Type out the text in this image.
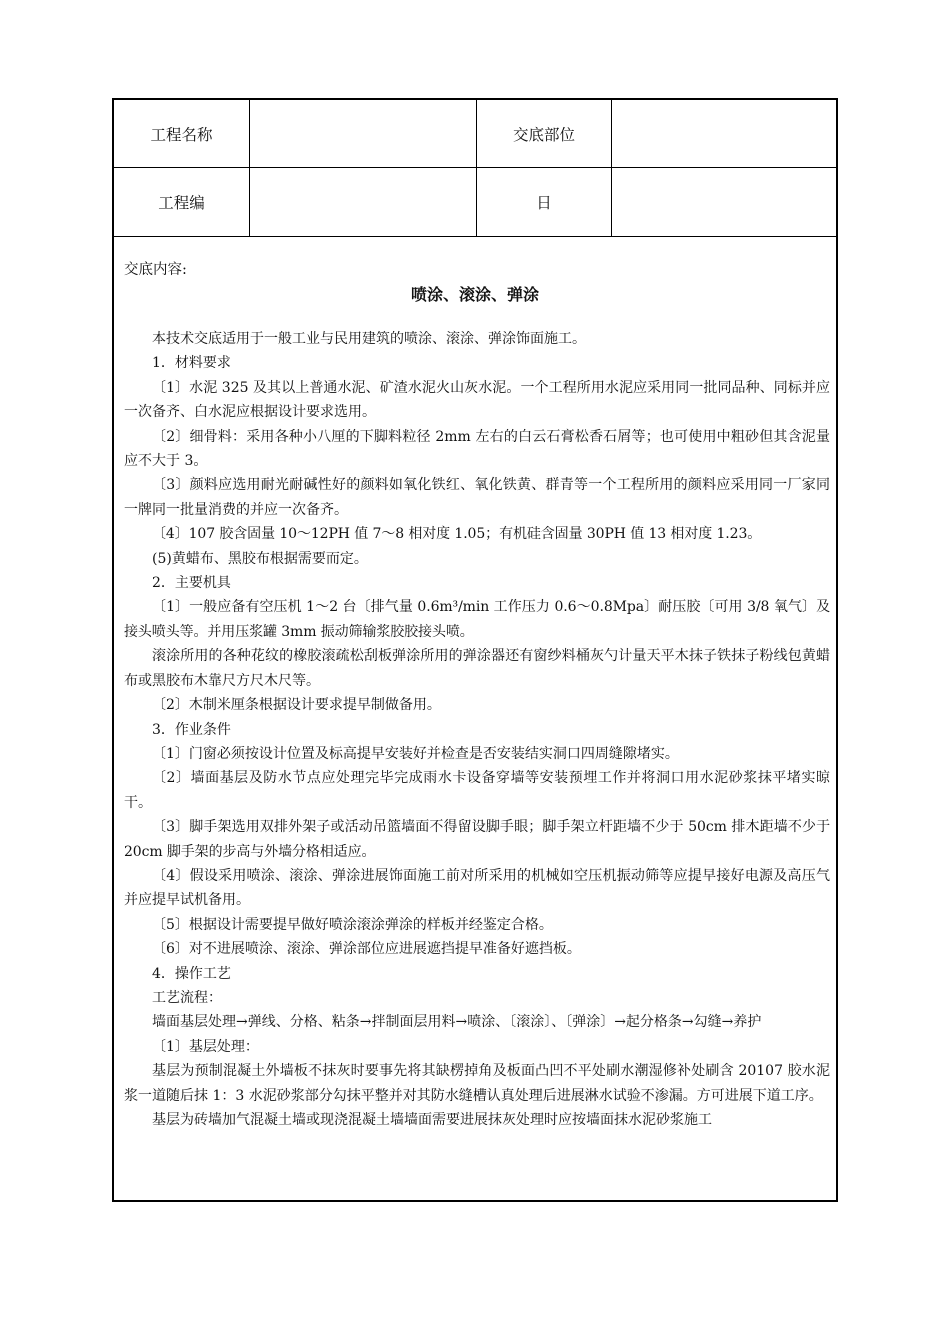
工程名称	交底部位
工程编	日
交底内容:
喷涂、滚涂、弹涂

本技术交底适用于一般工业与民用建筑的喷涂、滚涂、弹涂饰面施工。

1．材料要求

〔1〕水泥 325 及其以上普通水泥、矿渣水泥火山灰水泥。一个工程所用水泥应采用同一批同品种、同标并应一次备齐、白水泥应根据设计要求选用。

〔2〕细骨料：采用各种小八厘的下脚料粒径 2mm 左右的白云石膏松香石屑等；也可使用中粗砂但其含泥量应不大于 3。

〔3〕颜料应选用耐光耐碱性好的颜料如氧化铁红、氧化铁黄、群青等一个工程所用的颜料应采用同一厂家同一牌同一批量消费的并应一次备齐。

〔4〕107 胶含固量 10～12PH 值 7～8 相对度 1.05；有机硅含固量 30PH 值 13 相对度 1.23。

(5)黄蜡布、黑胶布根据需要而定。

2．主要机具

〔1〕一般应备有空压机 1～2 台〔排气量 0.6m³/min 工作压力 0.6～0.8Mpa〕耐压胶〔可用 3/8 氧气〕及接头喷头等。并用压浆罐 3mm 振动筛输浆胶胶接头喷。

滚涂所用的各种花纹的橡胶滚疏松刮板弹涂所用的弹涂器还有窗纱料桶灰勺计量天平木抹子铁抹子粉线包黄蜡布或黑胶布木靠尺方尺木尺等。

〔2〕木制米厘条根据设计要求提早制做备用。

3．作业条件

〔1〕门窗必须按设计位置及标高提早安装好并检查是否安装结实洞口四周缝隙堵实。

〔2〕墙面基层及防水节点应处理完毕完成雨水卡设备穿墙等安装预埋工作并将洞口用水泥砂浆抹平堵实晾干。

〔3〕脚手架选用双排外架子或活动吊篮墙面不得留设脚手眼；脚手架立杆距墙不少于 50cm 排木距墙不少于 20cm 脚手架的步高与外墙分格相适应。

〔4〕假设采用喷涂、滚涂、弹涂进展饰面施工前对所采用的机械如空压机振动筛等应提早接好电源及高压气并应提早试机备用。

〔5〕根据设计需要提早做好喷涂滚涂弹涂的样板并经鉴定合格。

〔6〕对不进展喷涂、滚涂、弹涂部位应进展遮挡提早准备好遮挡板。

4．操作工艺

工艺流程：

墙面基层处理→弹线、分格、粘条→拌制面层用料→喷涂、〔滚涂〕、〔弹涂〕→起分格条→勾缝→养护

〔1〕基层处理：

基层为预制混凝土外墙板不抹灰时要事先将其缺楞掉角及板面凸凹不平处刷水潮湿修补处刷含 20107 胶水泥浆一道随后抹 1：3 水泥砂浆部分勾抹平整并对其防水缝槽认真处理后进展淋水试验不渗漏。方可进展下道工序。

基层为砖墙加气混凝土墙或现浇混凝土墙墙面需要进展抹灰处理时应按墙面抹水泥砂浆施工
